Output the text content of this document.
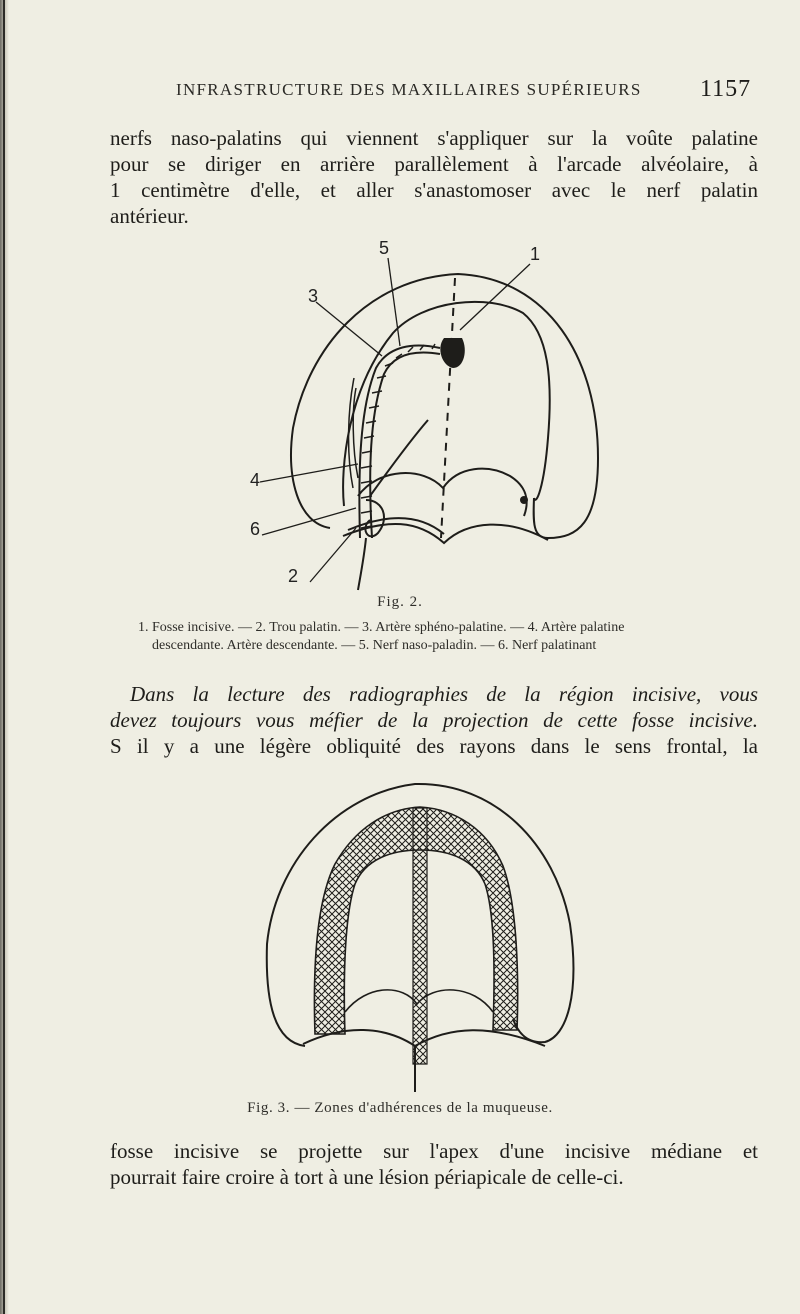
INFRASTRUCTURE DES MAXILLAIRES SUPÉRIEURS	1157
nerfs naso-palatins qui viennent s'appliquer sur la voûte palatine
pour se diriger en arrière parallèlement à l'arcade alvéolaire, à
1 centimètre d'elle, et aller s'anastomoser avec le nerf palatin
antérieur.
5	1
3
4
6
2
Fig. 2.
1. Fosse incisive. — 2. Trou palatin. — 3. Artère sphéno-palatine. — 4. Artère palatine
descendante. Artère descendante. — 5. Nerf naso-paladin. — 6. Nerf palatinant
Dans la lecture des radiographies de la région incisive, vous
devez toujours vous méfier de la projection de cette fosse incisive.
S il y a une légère obliquité des rayons dans le sens frontal, la
Fig. 3. — Zones d'adhérences de la muqueuse.
fosse incisive se projette sur l'apex d'une incisive médiane et
pourrait faire croire à tort à une lésion périapicale de celle-ci.
